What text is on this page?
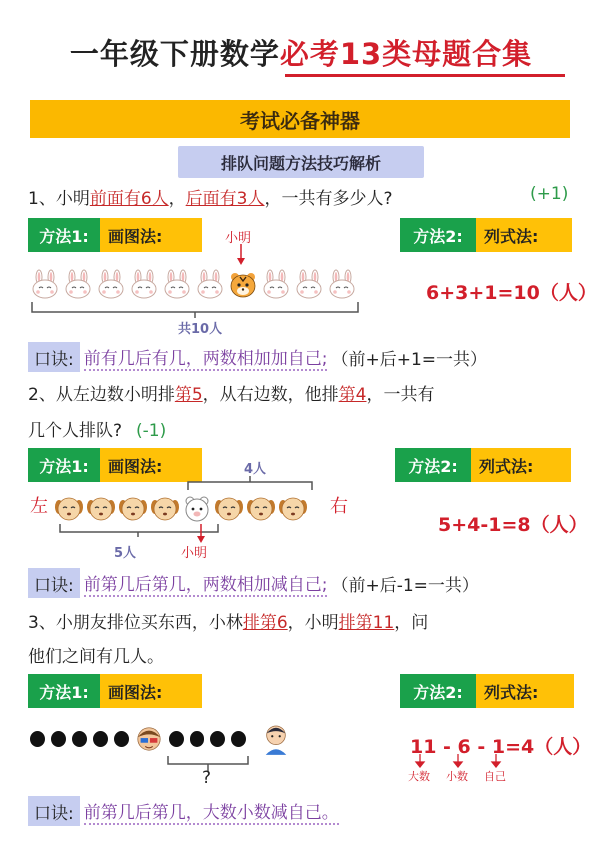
一年级下册数学必考13类母题合集
考试必备神器
排队问题方法技巧解析
1、小明前面有6人，后面有3人，一共有多少人?	(+1)
方法1:	画图法:	方法2:	列式法:
小明
共10人
6+3+1=10（人）
口诀: 前有几后有几，两数相加加自己; （前+后+1=一共）
2、从左边数小明排第5，从右边数，他排第4，一共有
几个人排队? (-1)
方法1:	画图法:	方法2:	列式法:
4人
左	右
5人	小明
5+4-1=8（人）
口诀: 前第几后第几，两数相加减自己; （前+后-1=一共）
3、小朋友排位买东西，小林排第6，小明排第11，问
他们之间有几人。
方法1:	画图法:	方法2:	列式法:
?
11 - 6 - 1=4（人）
大数 小数 自己
口诀: 前第几后第几，大数小数减自己。
